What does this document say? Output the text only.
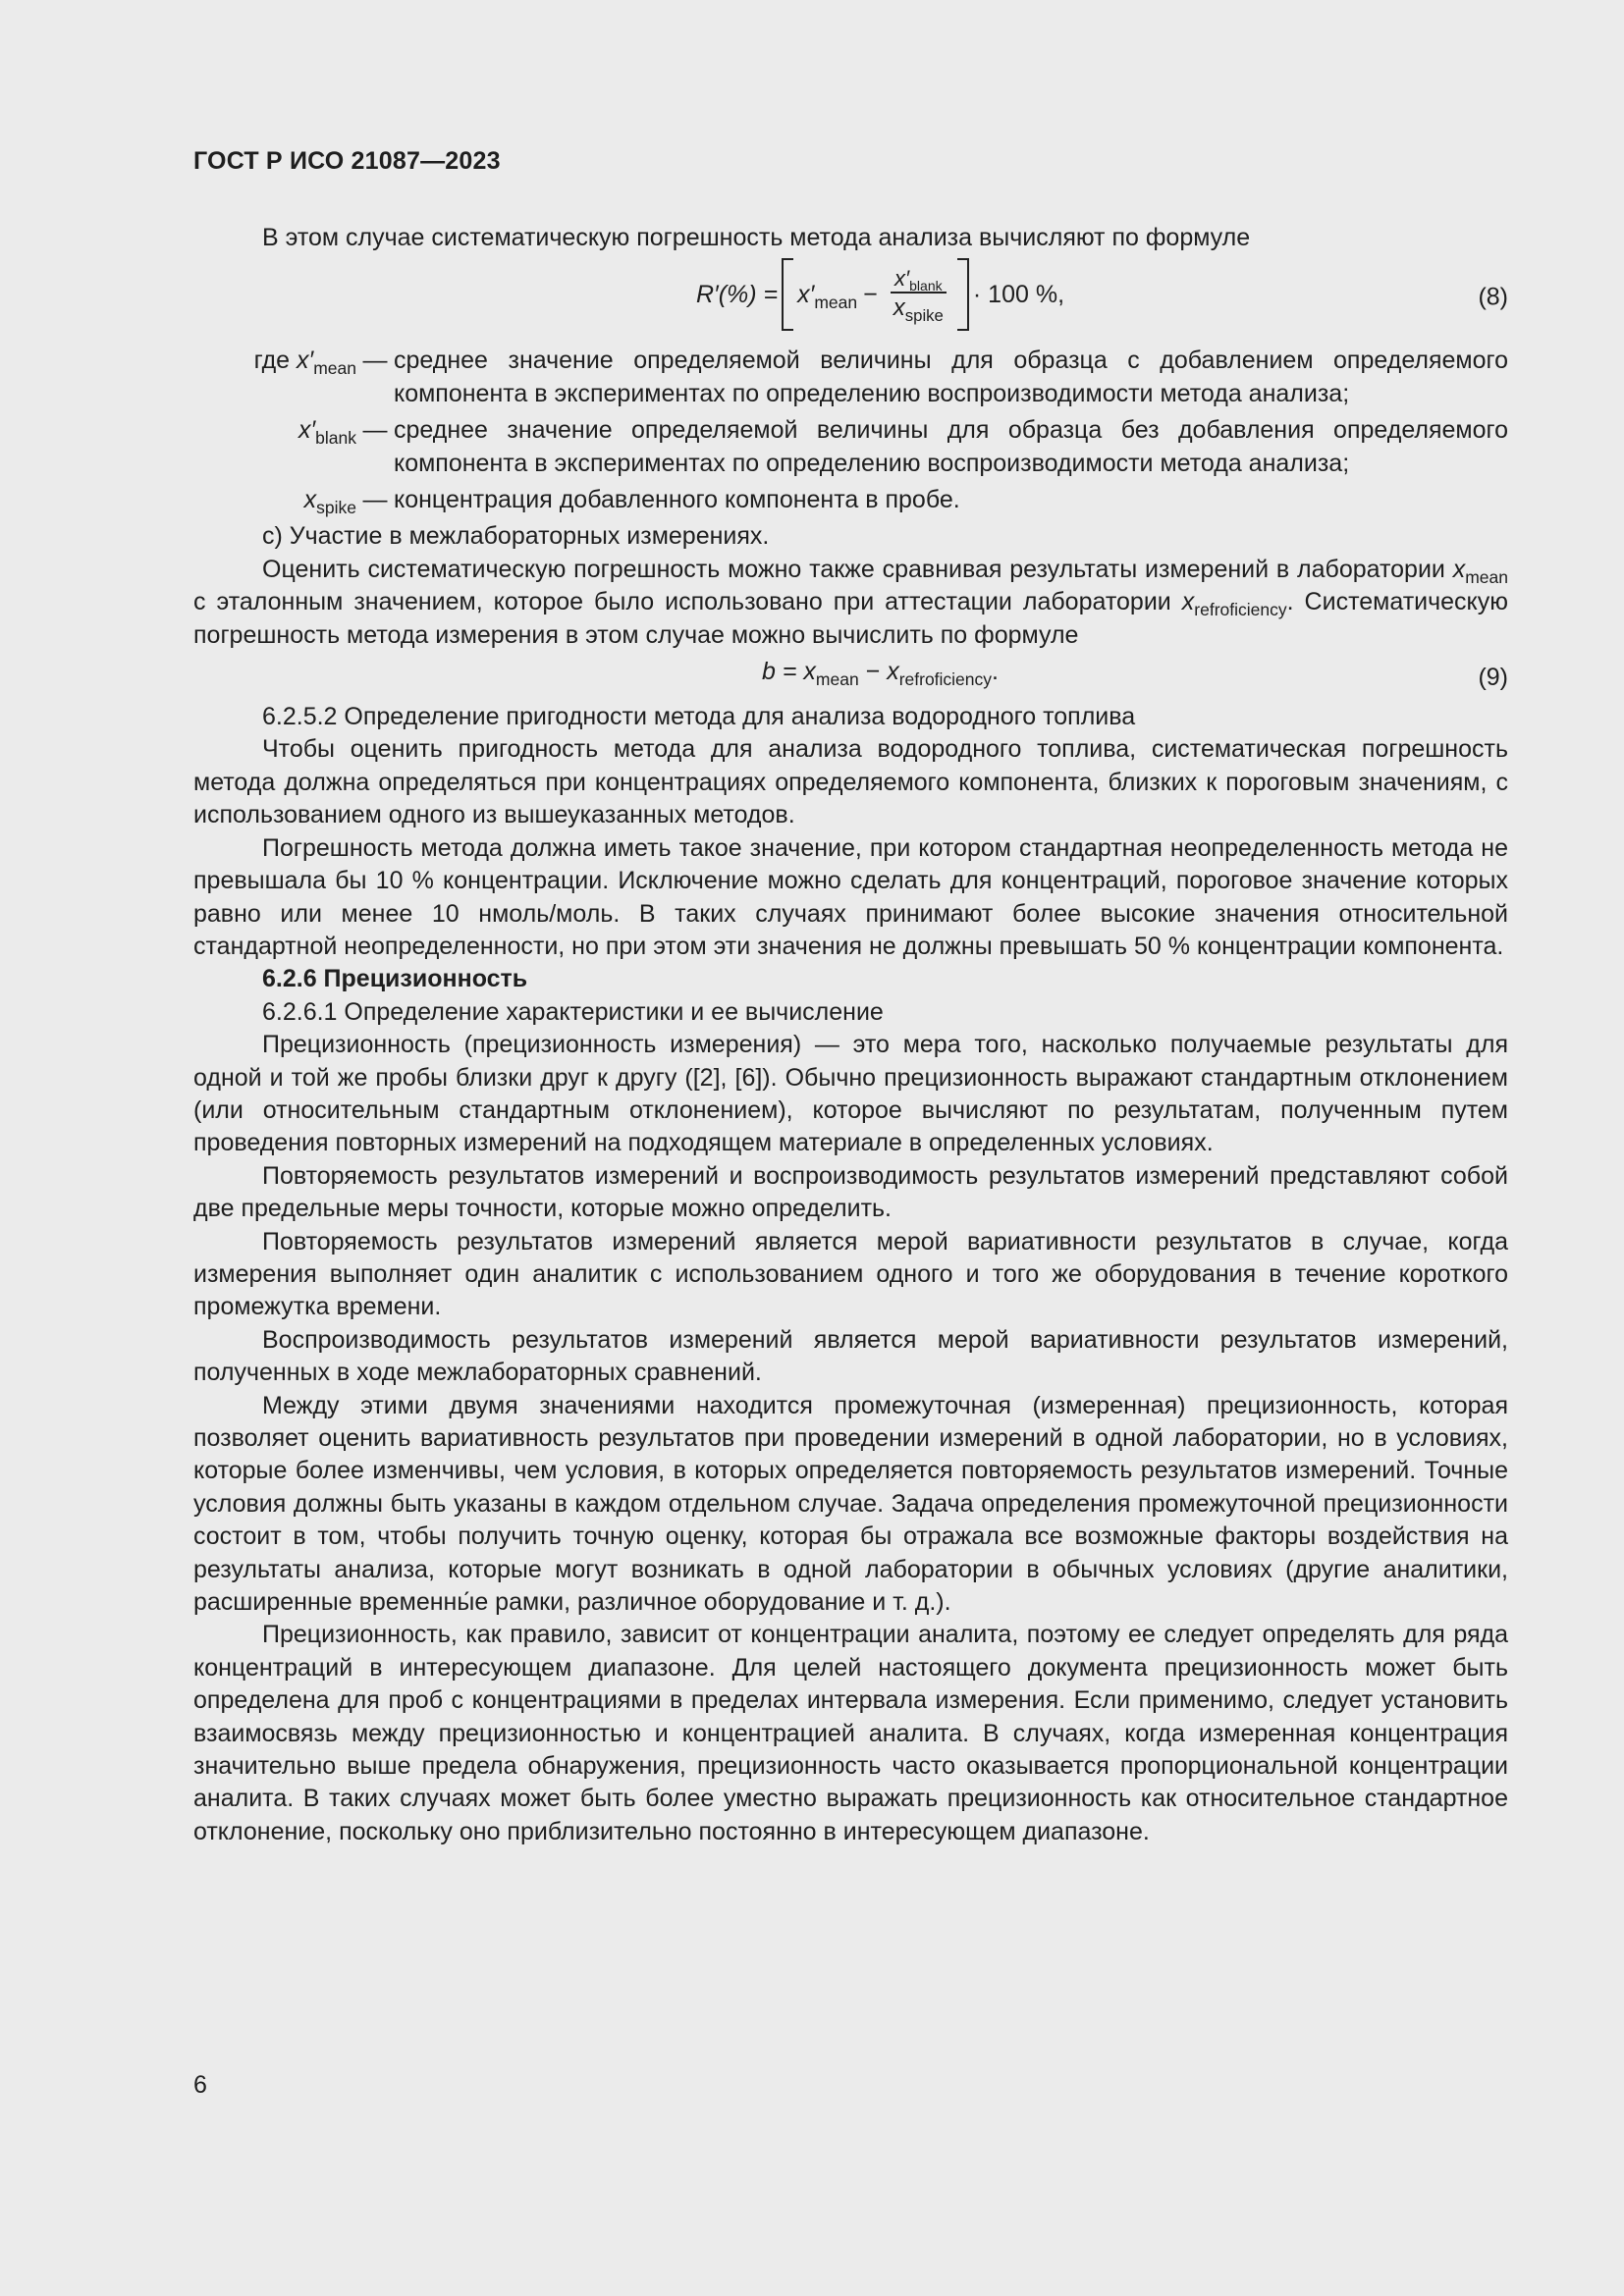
ГОСТ Р ИСО 21087—2023

В этом случае систематическую погрешность метода анализа вычисляют по формуле

$R'(\%) = x'_{mean} - \frac{x'_{blank}}{x_{spike}} \cdot 100$ %,	(8)
где $x'_{mean}$	—	среднее значение определяемой величины для образца с добавлением определяемого компонента в экспериментах по определению воспроизводимости метода анализа;
$x'_{blank}$	—	среднее значение определяемой величины для образца без добавления определяемого компонента в экспериментах по определению воспроизводимости метода анализа;
$x_{spike}$	—	концентрация добавленного компонента в пробе.

c) Участие в межлабораторных измерениях.

Оценить систематическую погрешность можно также сравнивая результаты измерений в лаборатории $x_{mean}$ с эталонным значением, которое было использовано при аттестации лаборатории $x_{refroficiency}$. Систематическую погрешность метода измерения в этом случае можно вычислить по формуле

$b = x_{mean} - x_{refroficiency}$.	(9)

6.2.5.2 Определение пригодности метода для анализа водородного топлива

Чтобы оценить пригодность метода для анализа водородного топлива, систематическая погрешность метода должна определяться при концентрациях определяемого компонента, близких к пороговым значениям, с использованием одного из вышеуказанных методов.

Погрешность метода должна иметь такое значение, при котором стандартная неопределенность метода не превышала бы 10 % концентрации. Исключение можно сделать для концентраций, пороговое значение которых равно или менее 10 нмоль/моль. В таких случаях принимают более высокие значения относительной стандартной неопределенности, но при этом эти значения не должны превышать 50 % концентрации компонента.

6.2.6 Прецизионность

6.2.6.1 Определение характеристики и ее вычисление

Прецизионность (прецизионность измерения) — это мера того, насколько получаемые результаты для одной и той же пробы близки друг к другу ([2], [6]). Обычно прецизионность выражают стандартным отклонением (или относительным стандартным отклонением), которое вычисляют по результатам, полученным путем проведения повторных измерений на подходящем материале в определенных условиях.

Повторяемость результатов измерений и воспроизводимость результатов измерений представляют собой две предельные меры точности, которые можно определить.

Повторяемость результатов измерений является мерой вариативности результатов в случае, когда измерения выполняет один аналитик с использованием одного и того же оборудования в течение короткого промежутка времени.

Воспроизводимость результатов измерений является мерой вариативности результатов измерений, полученных в ходе межлабораторных сравнений.

Между этими двумя значениями находится промежуточная (измеренная) прецизионность, которая позволяет оценить вариативность результатов при проведении измерений в одной лаборатории, но в условиях, которые более изменчивы, чем условия, в которых определяется повторяемость результатов измерений. Точные условия должны быть указаны в каждом отдельном случае. Задача определения промежуточной прецизионности состоит в том, чтобы получить точную оценку, которая бы отражала все возможные факторы воздействия на результаты анализа, которые могут возникать в одной лаборатории в обычных условиях (другие аналитики, расширенные временны́е рамки, различное оборудование и т. д.).

Прецизионность, как правило, зависит от концентрации аналита, поэтому ее следует определять для ряда концентраций в интересующем диапазоне. Для целей настоящего документа прецизионность может быть определена для проб с концентрациями в пределах интервала измерения. Если применимо, следует установить взаимосвязь между прецизионностью и концентрацией аналита. В случаях, когда измеренная концентрация значительно выше предела обнаружения, прецизионность часто оказывается пропорциональной концентрации аналита. В таких случаях может быть более уместно выражать прецизионность как относительное стандартное отклонение, поскольку оно приблизительно постоянно в интересующем диапазоне.

6
